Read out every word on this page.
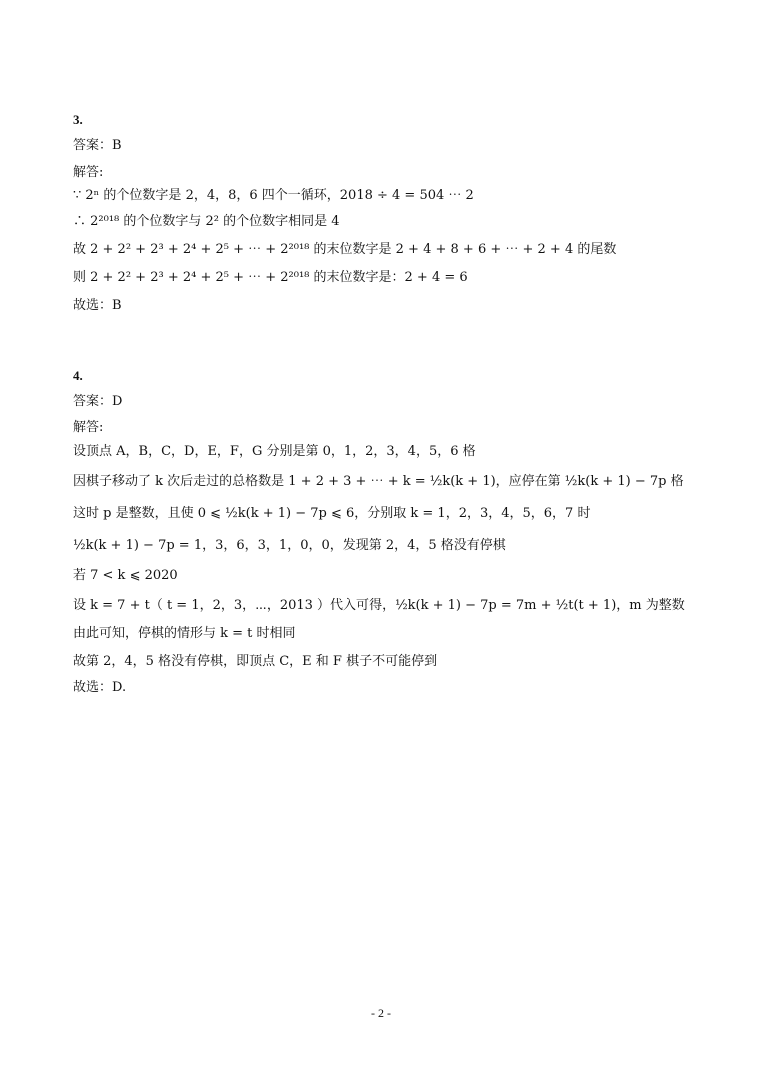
3.
答案：B
解答:
∵ 2ⁿ 的个位数字是 2，4，8，6 四个一循环，2018 ÷ 4 = 504 ⋯ 2
∴ 2²⁰¹⁸ 的个位数字与 2² 的个位数字相同是 4
故 2 + 2² + 2³ + 2⁴ + 2⁵ + ⋯ + 2²⁰¹⁸ 的末位数字是 2 + 4 + 8 + 6 + ⋯ + 2 + 4 的尾数
则 2 + 2² + 2³ + 2⁴ + 2⁵ + ⋯ + 2²⁰¹⁸ 的末位数字是：2 + 4 = 6
故选：B
4.
答案：D
解答:
设顶点 A，B，C，D，E，F，G 分别是第 0，1，2，3，4，5，6 格
因棋子移动了 k 次后走过的总格数是 1 + 2 + 3 + ⋯ + k = ½k(k + 1)，应停在第 ½k(k + 1) − 7p 格
这时 p 是整数，且使 0 ⩽ ½k(k + 1) − 7p ⩽ 6，分别取 k = 1，2，3，4，5，6，7 时
½k(k + 1) − 7p = 1，3，6，3，1，0，0，发现第 2，4，5 格没有停棋
若 7 < k ⩽ 2020
设 k = 7 + t（ t = 1，2，3，⋯，2013 ）代入可得，½k(k + 1) − 7p = 7m + ½t(t + 1)，m 为整数
由此可知，停棋的情形与 k = t 时相同
故第 2，4，5 格没有停棋，即顶点 C，E 和 F 棋子不可能停到
故选：D.
- 2 -
